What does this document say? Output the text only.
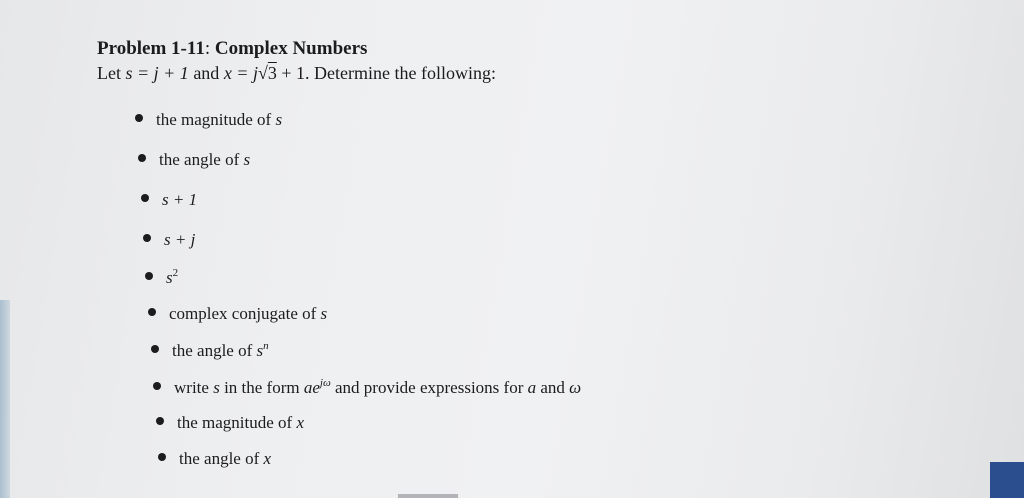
Problem 1-11: Complex Numbers
Let s = j + 1 and x = j√3 + 1. Determine the following:
the magnitude of s
the angle of s
s + 1
s + j
$s^2$
complex conjugate of s
the angle of $s^n$
write s in the form $ae^{j\omega}$ and provide expressions for a and ω
the magnitude of x
the angle of x
